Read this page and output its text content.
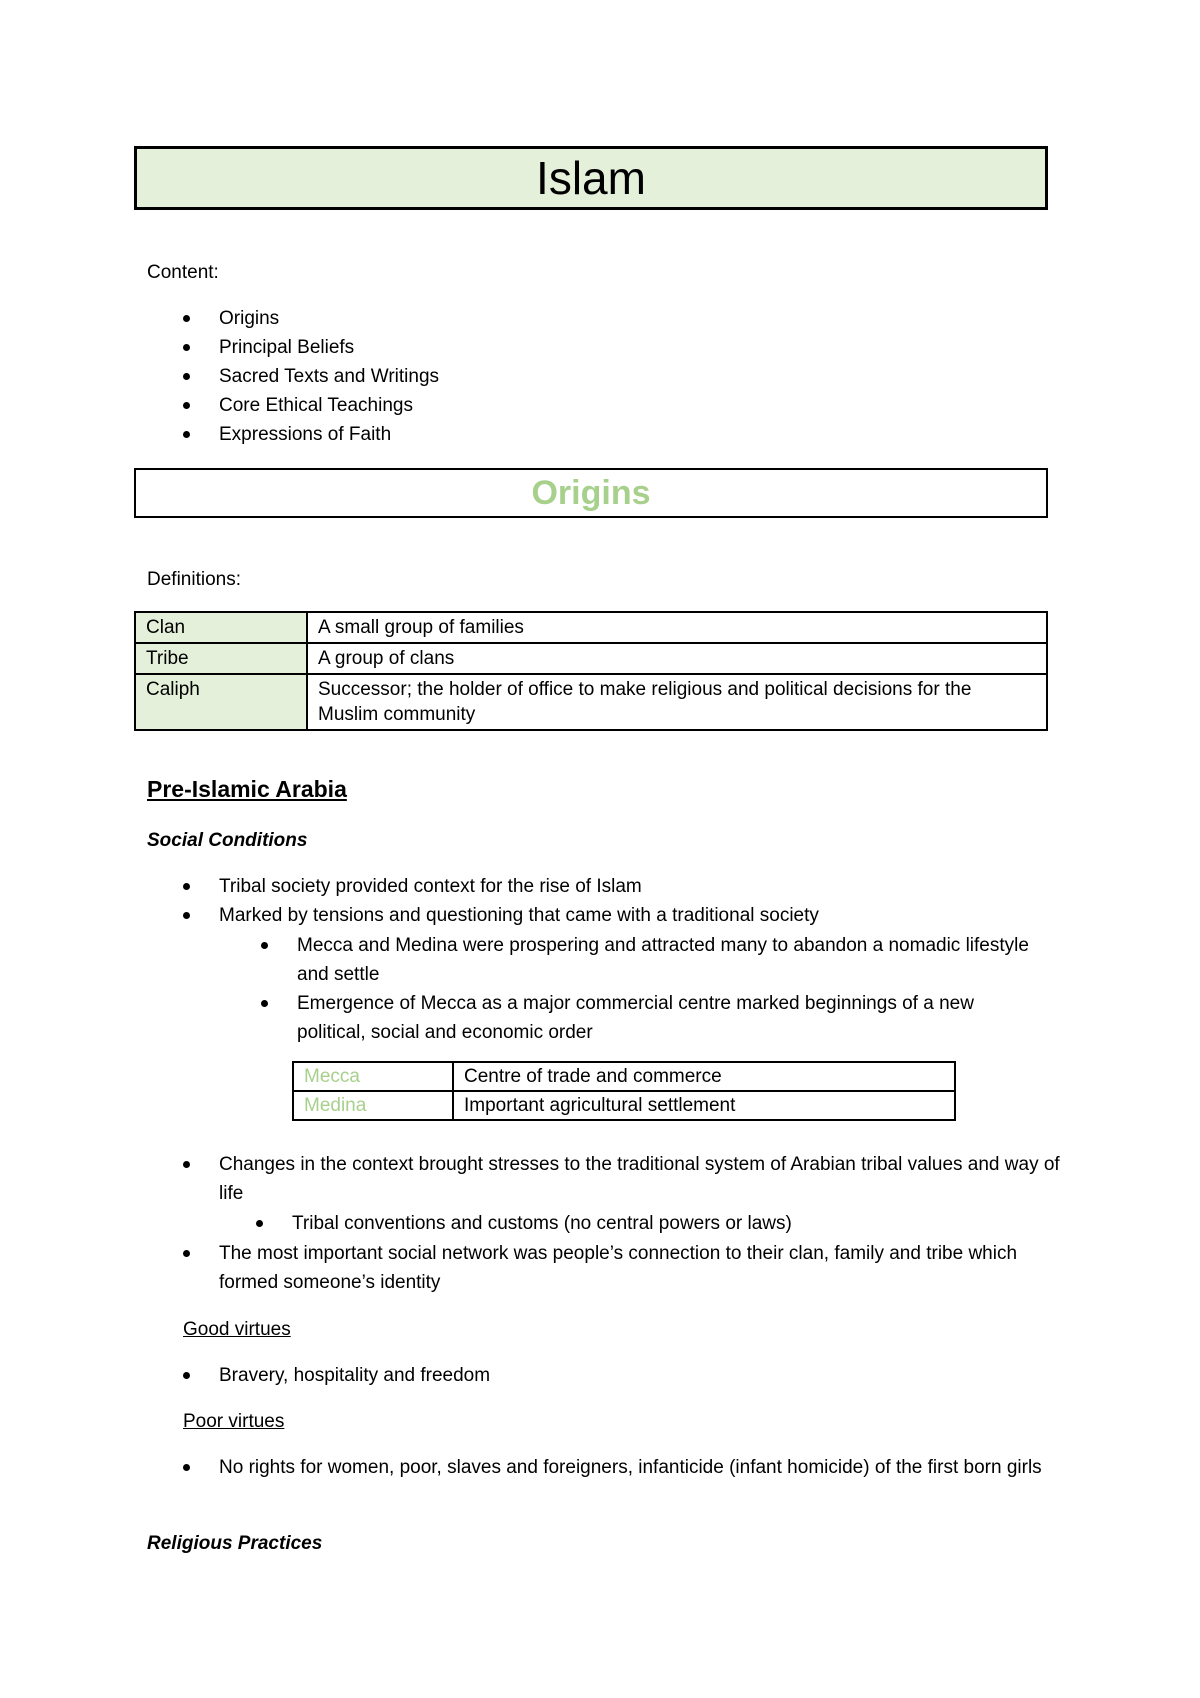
Islam
Content:
Origins
Principal Beliefs
Sacred Texts and Writings
Core Ethical Teachings
Expressions of Faith
Origins
Definitions:
Clan	A small group of families
Tribe	A group of clans
Caliph	Successor; the holder of office to make religious and political decisions for the Muslim community
Pre-Islamic Arabia
Social Conditions
Tribal society provided context for the rise of Islam
Marked by tensions and questioning that came with a traditional society
Mecca and Medina were prospering and attracted many to abandon a nomadic lifestyle and settle
Emergence of Mecca as a major commercial centre marked beginnings of a new political, social and economic order
Mecca	Centre of trade and commerce
Medina	Important agricultural settlement
Changes in the context brought stresses to the traditional system of Arabian tribal values and way of life
Tribal conventions and customs (no central powers or laws)
The most important social network was people’s connection to their clan, family and tribe which formed someone’s identity
Good virtues
Bravery, hospitality and freedom
Poor virtues
No rights for women, poor, slaves and foreigners, infanticide (infant homicide) of the first born girls
Religious Practices
